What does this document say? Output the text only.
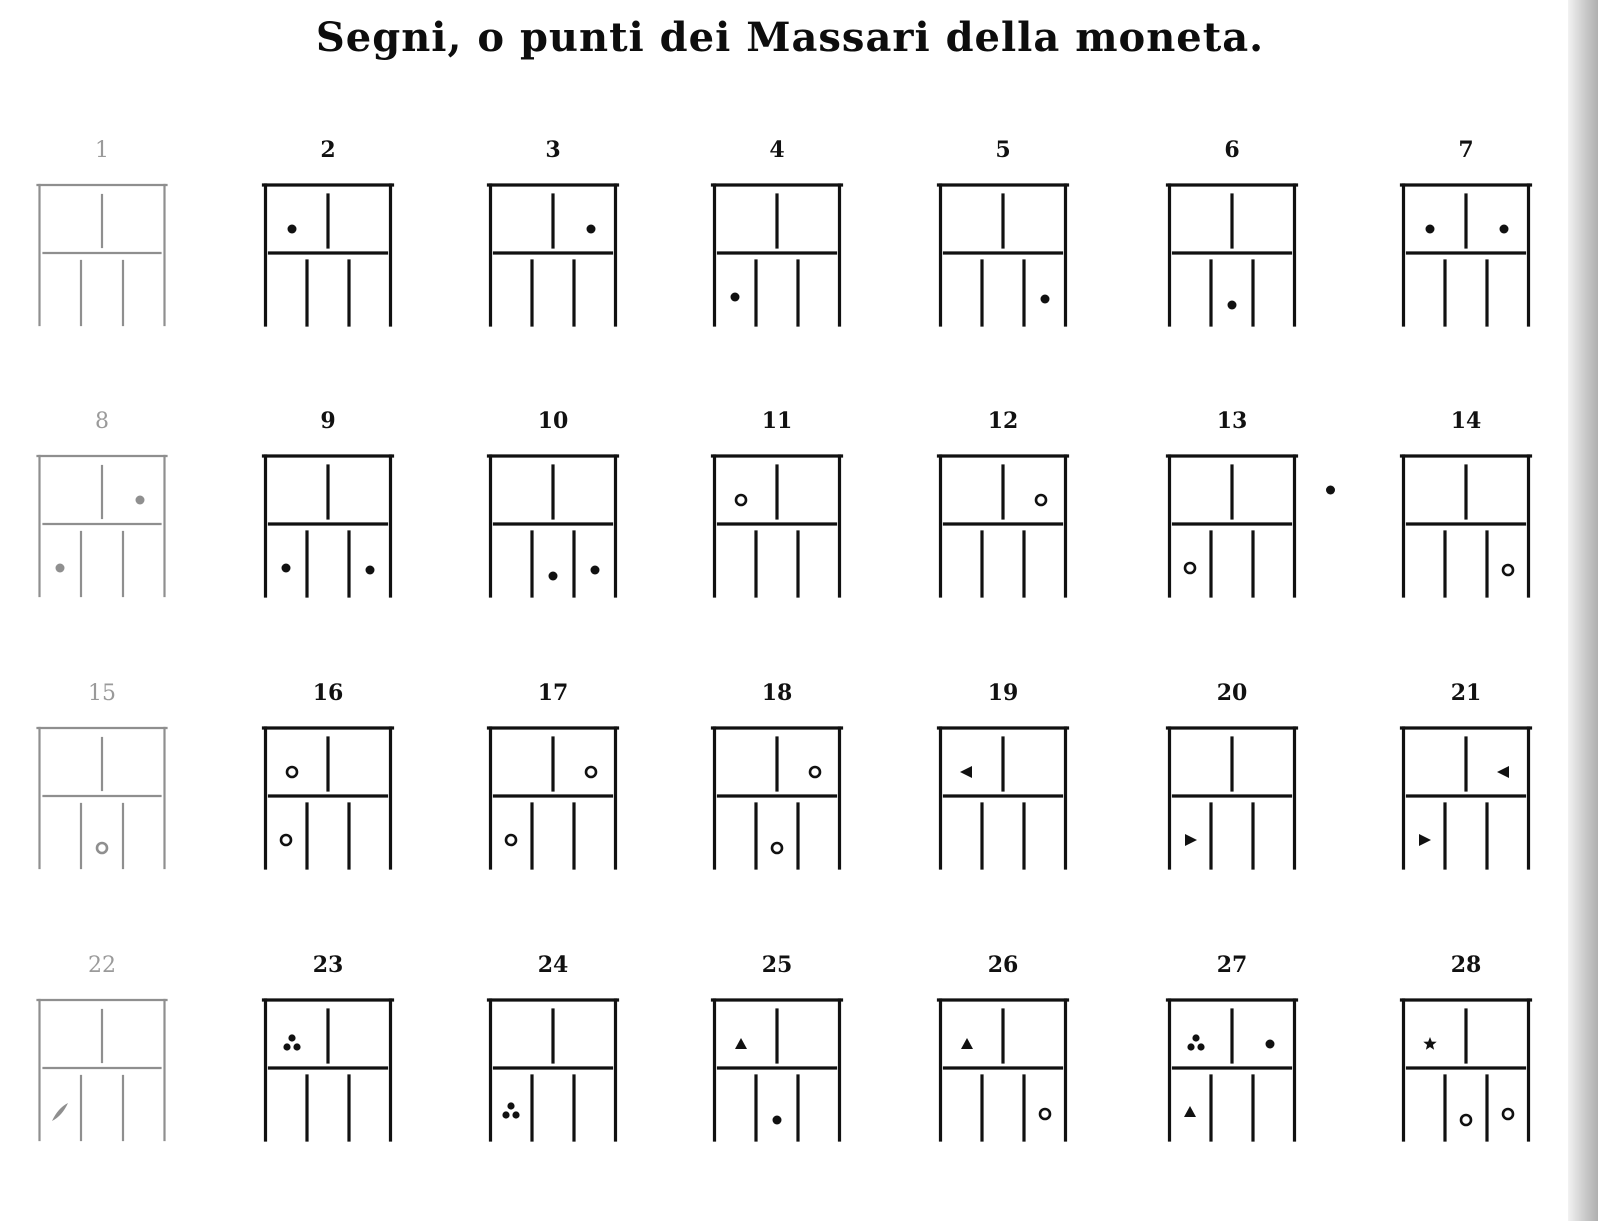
Segni, o punti dei Massari della moneta.
1	2	3	4	5	6	7
8	9	10	11	12	13	14
15	16	17	18	19	20	21
22	23	24	25	26	27	28
